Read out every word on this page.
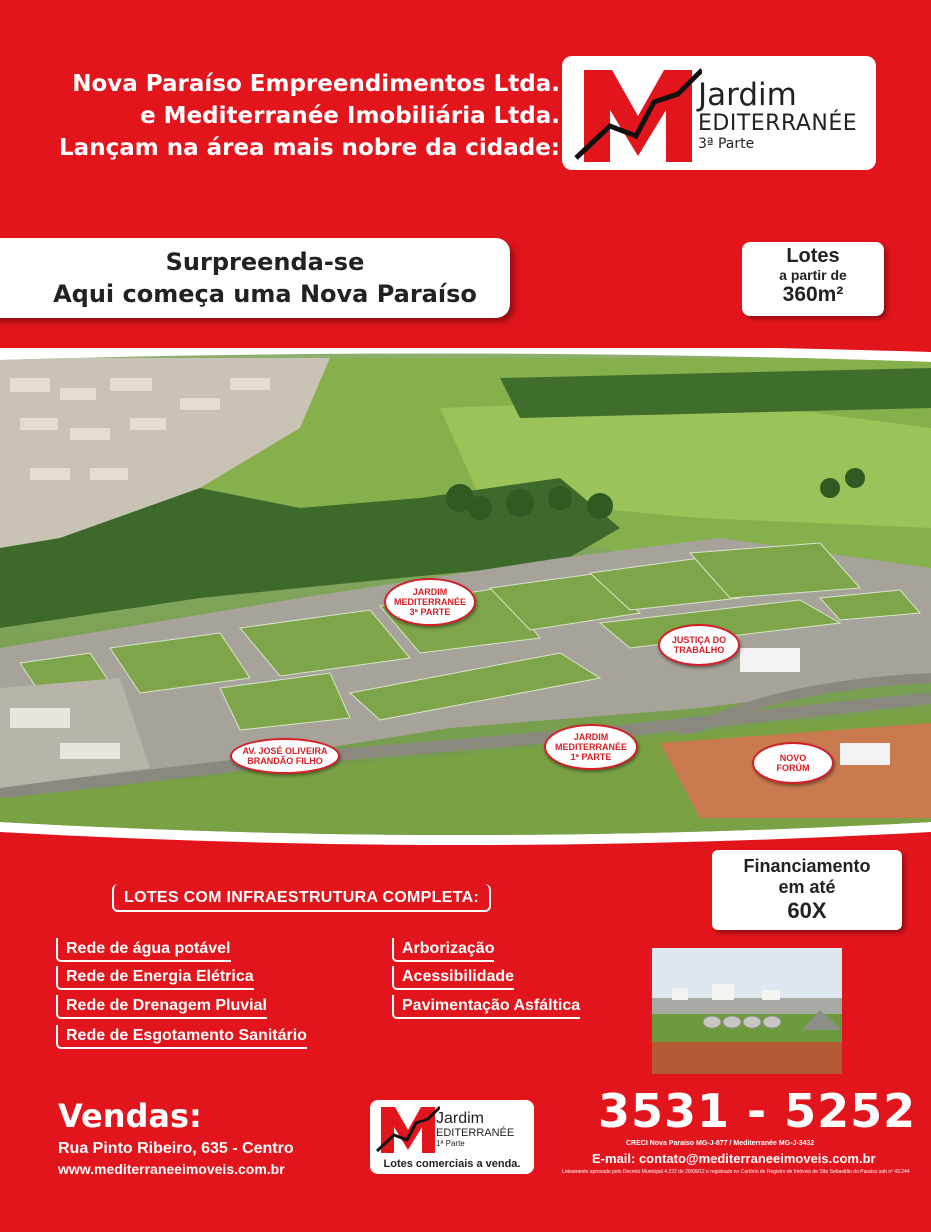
Nova Paraíso Empreendimentos Ltda.
e Mediterranée Imobiliária Ltda.
Lançam na área mais nobre da cidade:
Jardim
EDITERRANÉE
3ª Parte
Surpreenda-se
Aqui começa uma Nova Paraíso
Lotes
a partir de
360m²
JARDIM MEDITERRANÉE 3ª PARTE
JUSTIÇA DO TRABALHO
AV. JOSÉ OLIVEIRA BRANDÃO FILHO
JARDIM MEDITERRANÉE 1ª PARTE	NOVO FORÚM
Financiamento
em até
60X
LOTES COM INFRAESTRUTURA COMPLETA:
Rede de água potável
Rede de Energia Elétrica
Rede de Drenagem Pluvial
Rede de Esgotamento Sanitário
Arborização
Acessibilidade
Pavimentação Asfáltica
Vendas:
Rua Pinto Ribeiro, 635 - Centro
www.mediterraneeimoveis.com.br
Jardim
EDITERRANÉE
1ª Parte
Lotes comerciais a venda.
3531 - 5252
CRECI Nova Paraíso MG-J-877 / Mediterranée MG-J-3432
E-mail: contato@mediterraneeimoveis.com.br
Loteamento aprovado pelo Decreto Municipal 4.222 de 20/09/12 e registrado no Cartório de Registro de Imóveis de São Sebastião do Paraíso sob nº 43.244
